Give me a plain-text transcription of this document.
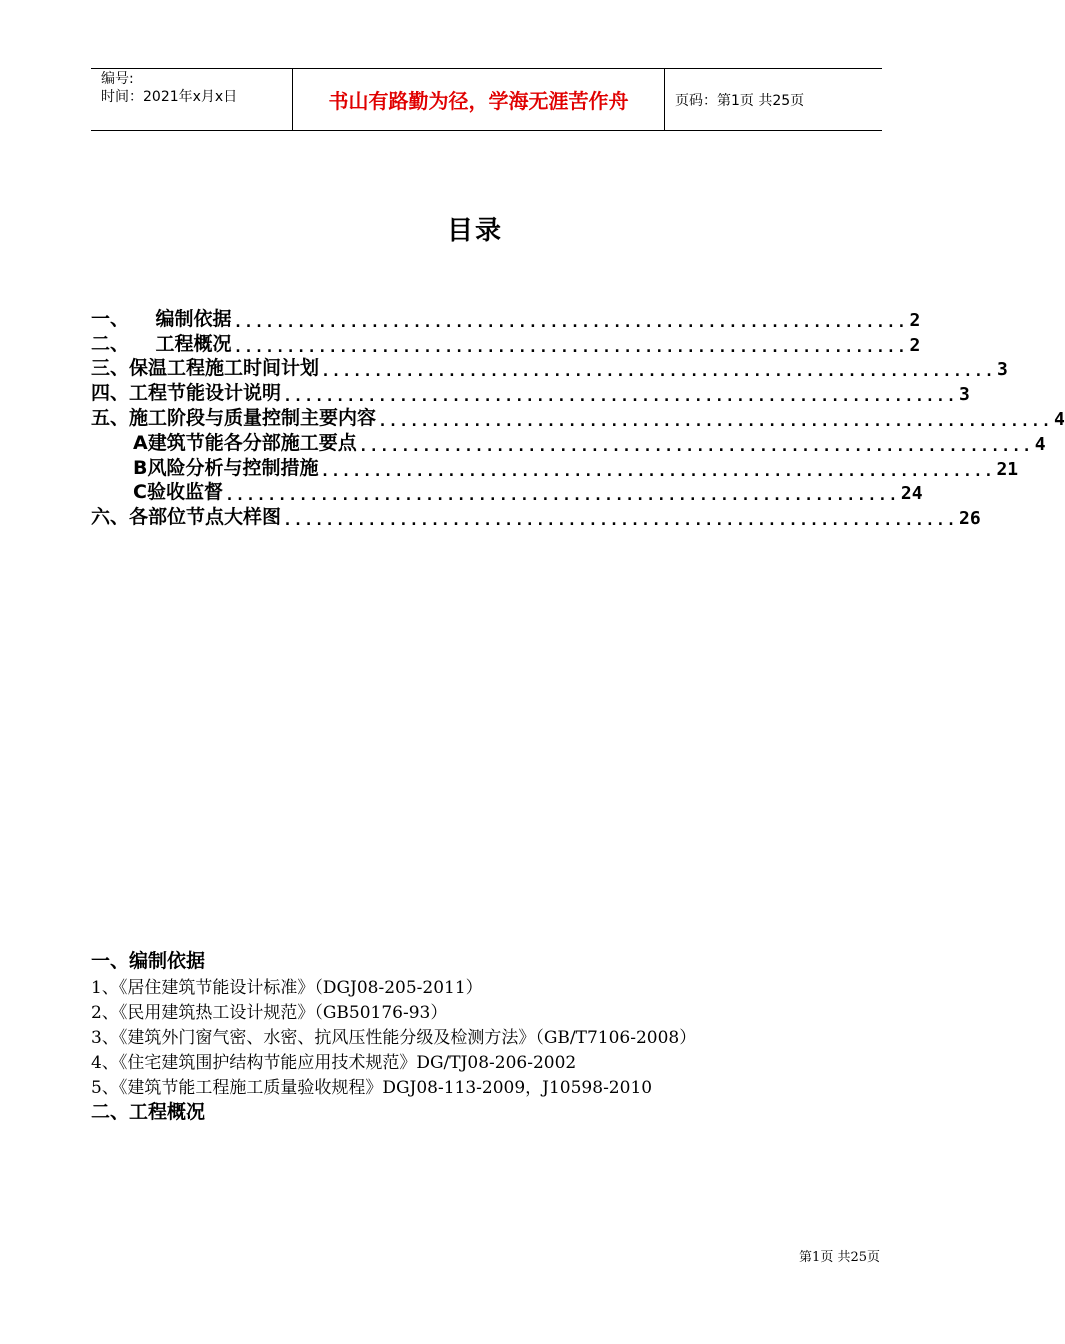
编号:
时间：2021年x月x日	书山有路勤为径，学海无涯苦作舟	页码：第1页 共25页
目录
一、    编制依据 ................................................................ 2
二、    工程概况 ................................................................ 2
三、保温工程施工时间计划 ................................................................ 3
四、工程节能设计说明 ................................................................ 3
五、施工阶段与质量控制主要内容 ................................................................ 4
A建筑节能各分部施工要点 ................................................................ 4
B风险分析与控制措施 ................................................................ 21
C验收监督 ................................................................ 24
六、各部位节点大样图 ................................................................ 26
一、编制依据
1、《居住建筑节能设计标准》（DGJ08-205-2011）
2、《民用建筑热工设计规范》（GB50176-93）
3、《建筑外门窗气密、水密、抗风压性能分级及检测方法》（GB/T7106-2008）
4、《住宅建筑围护结构节能应用技术规范》DG/TJ08-206-2002
5、《建筑节能工程施工质量验收规程》DGJ08-113-2009，J10598-2010
二、工程概况
第1页 共25页
